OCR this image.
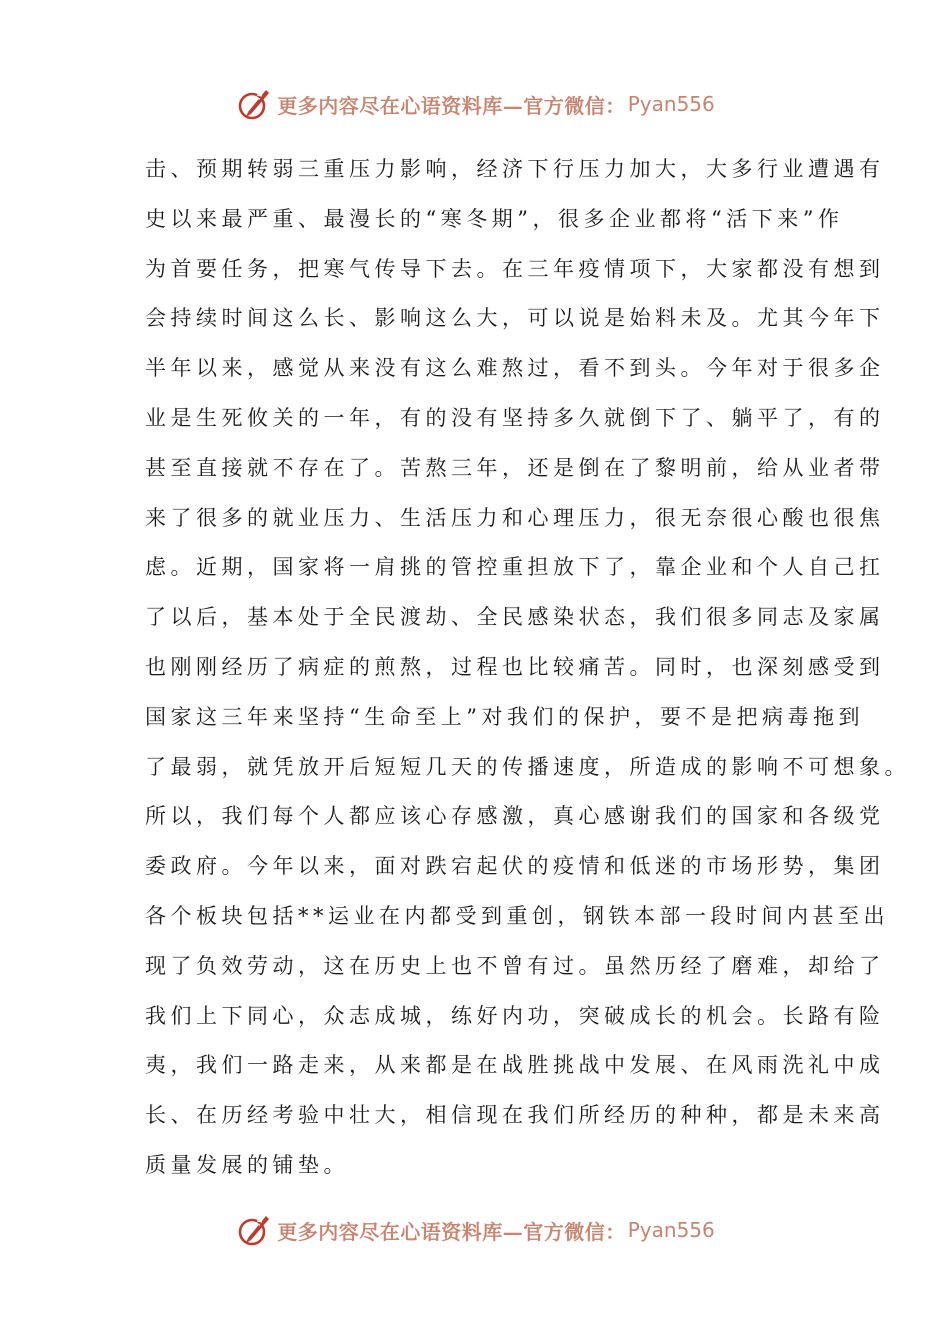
更多内容尽在心语资料库—官方微信： Pyan556
击、预期转弱三重压力影响，经济下行压力加大，大多行业遭遇有
史以来最严重、最漫长的“寒冬期”，很多企业都将“活下来”作
为首要任务，把寒气传导下去。在三年疫情项下，大家都没有想到
会持续时间这么长、影响这么大，可以说是始料未及。尤其今年下
半年以来，感觉从来没有这么难熬过，看不到头。今年对于很多企
业是生死攸关的一年，有的没有坚持多久就倒下了、躺平了，有的
甚至直接就不存在了。苦熬三年，还是倒在了黎明前，给从业者带
来了很多的就业压力、生活压力和心理压力，很无奈很心酸也很焦
虑。近期，国家将一肩挑的管控重担放下了，靠企业和个人自己扛
了以后，基本处于全民渡劫、全民感染状态，我们很多同志及家属
也刚刚经历了病症的煎熬，过程也比较痛苦。同时，也深刻感受到
国家这三年来坚持“生命至上”对我们的保护，要不是把病毒拖到
了最弱，就凭放开后短短几天的传播速度，所造成的影响不可想象。
所以，我们每个人都应该心存感激，真心感谢我们的国家和各级党
委政府。今年以来，面对跌宕起伏的疫情和低迷的市场形势，集团
各个板块包括**运业在内都受到重创，钢铁本部一段时间内甚至出
现了负效劳动，这在历史上也不曾有过。虽然历经了磨难，却给了
我们上下同心，众志成城，练好内功，突破成长的机会。长路有险
夷，我们一路走来，从来都是在战胜挑战中发展、在风雨洗礼中成
长、在历经考验中壮大，相信现在我们所经历的种种，都是未来高
质量发展的铺垫。
更多内容尽在心语资料库—官方微信： Pyan556
